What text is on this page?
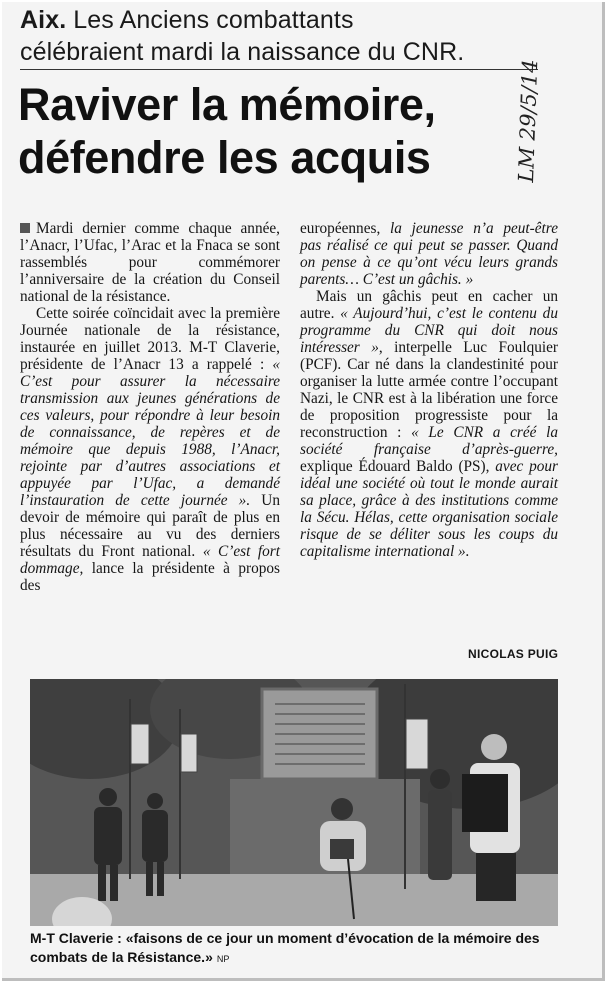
Aix. Les Anciens combattants
célébraient mardi la naissance du CNR.
Raviver la mémoire,
défendre les acquis	LM 29/5/14

Mardi dernier comme chaque année, l’Anacr, l’Ufac, l’Arac et la Fnaca se sont rassemblés pour commémorer l’anniversaire de la création du Conseil national de la résistance.

Cette soirée coïncidait avec la première Journée nationale de la résistance, instaurée en juillet 2013. M-T Claverie, présidente de l’Anacr 13 a rappelé : « C’est pour assurer la nécessaire transmission aux jeunes générations de ces valeurs, pour répondre à leur besoin de connaissance, de repères et de mémoire que depuis 1988, l’Anacr, rejointe par d’autres associations et appuyée par l’Ufac, a demandé l’instauration de cette journée ». Un devoir de mémoire qui paraît de plus en plus nécessaire au vu des derniers résultats du Front national. « C’est fort dommage, lance la présidente à propos des

européennes, la jeunesse n’a peut-être pas réalisé ce qui peut se passer. Quand on pense à ce qu’ont vécu leurs grands parents… C’est un gâchis. »

Mais un gâchis peut en cacher un autre. « Aujourd’hui, c’est le contenu du programme du CNR qui doit nous intéresser », interpelle Luc Foulquier (PCF). Car né dans la clandestinité pour organiser la lutte armée contre l’occupant Nazi, le CNR est à la libération une force de proposition progressiste pour la reconstruction : « Le CNR a créé la société française d’après-guerre, explique Édouard Baldo (PS), avec pour idéal une société où tout le monde aurait sa place, grâce à des institutions comme la Sécu. Hélas, cette organisation sociale risque de se déliter sous les coups du capitalisme international ».

NICOLAS PUIG
M-T Claverie : «faisons de ce jour un moment d’évocation de la mémoire des combats de la Résistance.» NP
